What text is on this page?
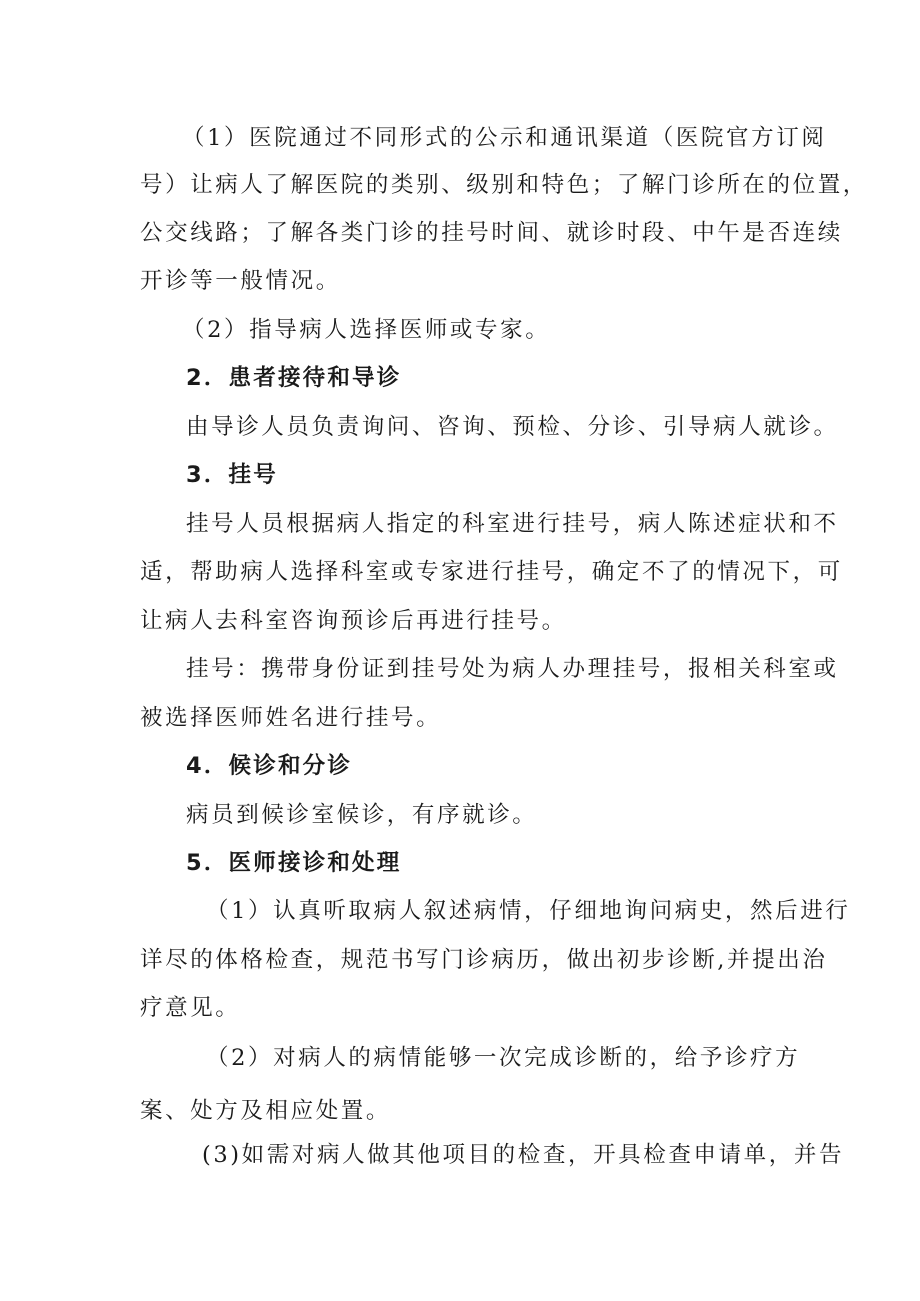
（1）医院通过不同形式的公示和通讯渠道（医院官方订阅
号）让病人了解医院的类别、级别和特色；了解门诊所在的位置，
公交线路；了解各类门诊的挂号时间、就诊时段、中午是否连续
开诊等一般情况。
（2）指导病人选择医师或专家。
2．患者接待和导诊
由导诊人员负责询问、咨询、预检、分诊、引导病人就诊。
3．挂号
挂号人员根据病人指定的科室进行挂号，病人陈述症状和不
适，帮助病人选择科室或专家进行挂号，确定不了的情况下，可
让病人去科室咨询预诊后再进行挂号。
挂号：携带身份证到挂号处为病人办理挂号，报相关科室或
被选择医师姓名进行挂号。
4．候诊和分诊
病员到候诊室候诊，有序就诊。
5．医师接诊和处理
（1）认真听取病人叙述病情，仔细地询问病史，然后进行
详尽的体格检查，规范书写门诊病历，做出初步诊断,并提出治
疗意见。
（2）对病人的病情能够一次完成诊断的，给予诊疗方
案、处方及相应处置。
(3)如需对病人做其他项目的检查，开具检查申请单，并告
